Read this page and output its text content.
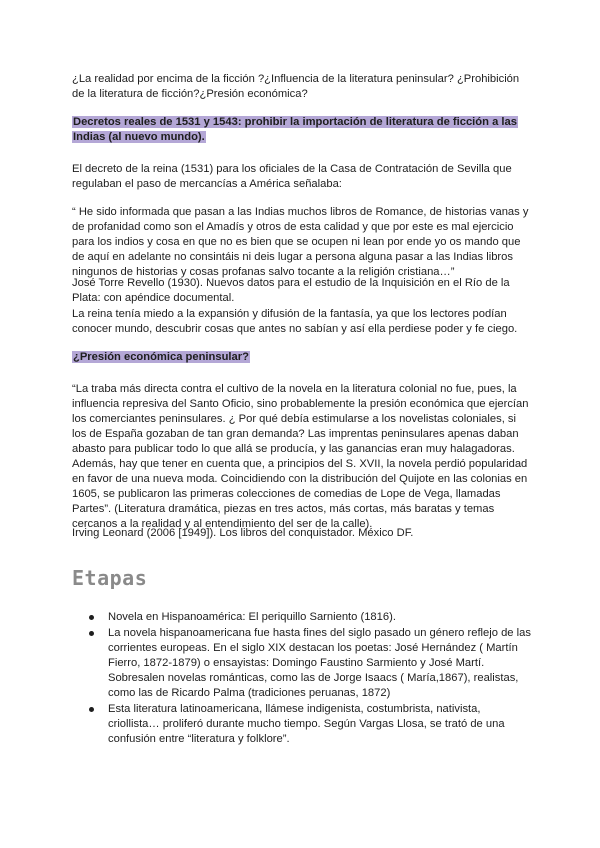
¿La realidad por encima de la ficción ?¿Influencia de la literatura peninsular? ¿Prohibición de la literatura de ficción?¿Presión económica?

Decretos reales de 1531 y 1543: prohibir la importación de literatura de ficción a las Indias (al nuevo mundo).

El decreto de la reina (1531) para los oficiales de la Casa de Contratación de Sevilla que regulaban el paso de mercancías a América señalaba:

“ He sido informada que pasan a las Indias muchos libros de Romance, de historias vanas y de profanidad como son el Amadís y otros de esta calidad y que por este es mal ejercicio para los indios y cosa en que no es bien que se ocupen ni lean por ende yo os mando que de aquí en adelante no consintáis ni deis lugar a persona alguna pasar a las Indias libros ningunos de historias y cosas profanas salvo tocante a la religión cristiana…”

José Torre Revello (1930). Nuevos datos para el estudio de la Inquisición en el Río de la Plata: con apéndice documental.

La reina tenía miedo a la expansión y difusión de la fantasía, ya que los lectores podían conocer mundo, descubrir cosas que antes no sabían y así ella perdiese poder y fe ciego.

¿Presión económica peninsular?

“La traba más directa contra el cultivo de la novela en la literatura colonial no fue, pues, la influencia represiva del Santo Oficio, sino probablemente la presión económica que ejercían los comerciantes peninsulares. ¿ Por qué debía estimularse a los novelistas coloniales, si los de España gozaban de tan gran demanda? Las imprentas peninsulares apenas daban abasto para publicar todo lo que allá se producía, y las ganancias eran muy halagadoras. Además, hay que tener en cuenta que, a principios del S. XVII, la novela perdió popularidad en favor de una nueva moda. Coincidiendo con la distribución del Quijote en las colonias en 1605, se publicaron las primeras colecciones de comedias de Lope de Vega, llamadas Partes”. (Literatura dramática, piezas en tres actos, más cortas, más baratas y temas cercanos a la realidad y al entendimiento del ser de la calle).

Irving Leonard (2006 [1949]). Los libros del conquistador. México DF.

Etapas
Novela en Hispanoamérica: El periquillo Sarniento (1816).
La novela hispanoamericana fue hasta fines del siglo pasado un género reflejo de las corrientes europeas. En el siglo XIX destacan los poetas: José Hernández ( Martín Fierro, 1872-1879) o ensayistas: Domingo Faustino Sarmiento y José Martí. Sobresalen novelas románticas, como las de Jorge Isaacs ( María,1867), realistas, como las de Ricardo Palma (tradiciones peruanas, 1872)
Esta literatura latinoamericana, llámese indigenista, costumbrista, nativista, criollista… proliferó durante mucho tiempo. Según Vargas Llosa, se trató de una confusión entre “literatura y folklore”.
